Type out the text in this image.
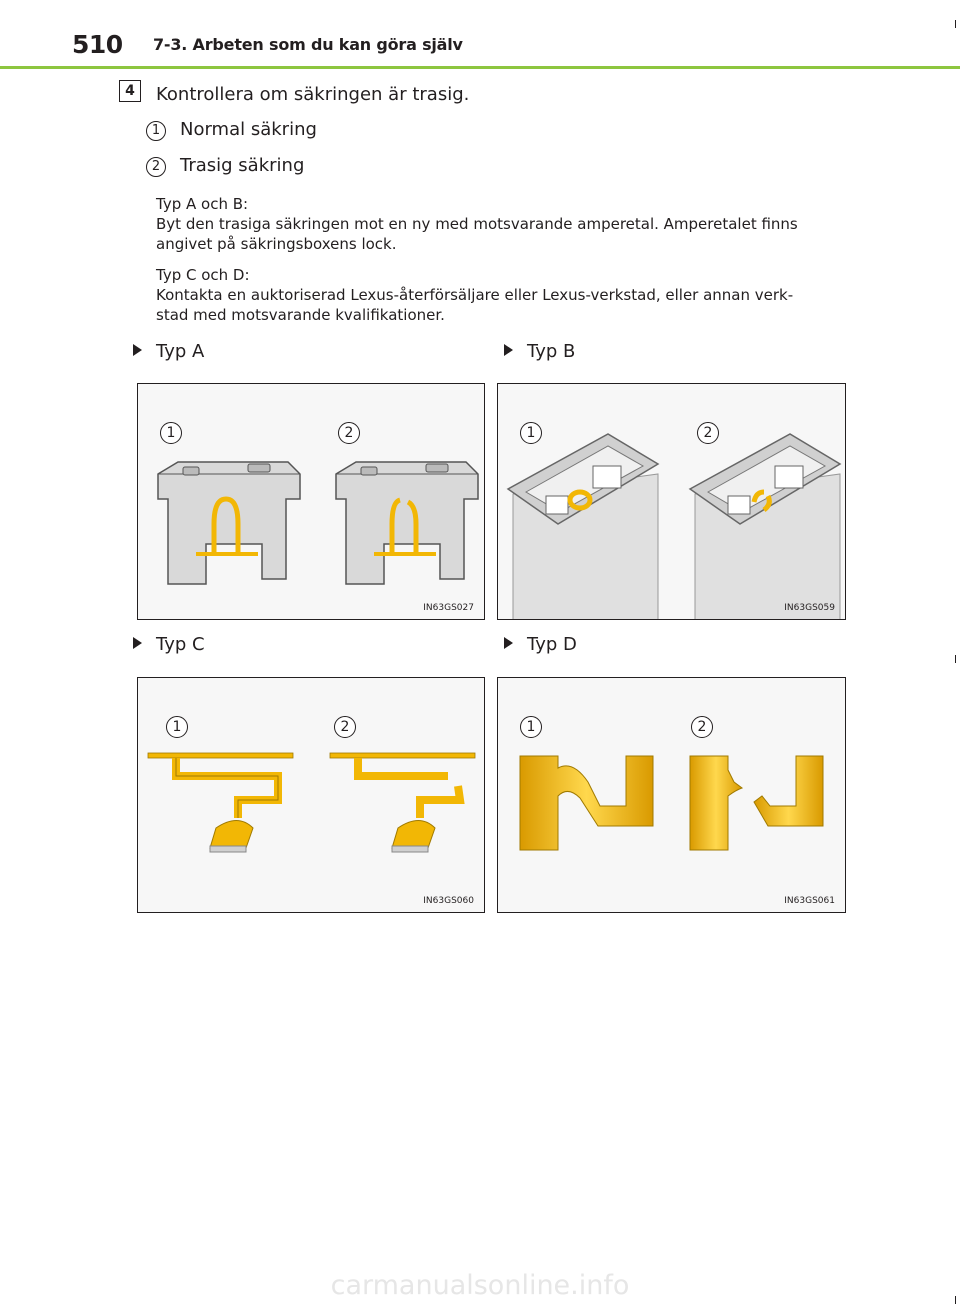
510 7-3. Arbeten som du kan göra själv
4	Kontrollera om säkringen är trasig.
1	Normal säkring
2	Trasig säkring
Typ A och B:
Byt den trasiga säkringen mot en ny med motsvarande amperetal. Amperetalet finns
angivet på säkringsboxens lock.
Typ C och D:
Kontakta en auktoriserad Lexus-återförsäljare eller Lexus-verkstad, eller annan verk-
stad med motsvarande kvalifikationer.
Typ A	Typ B
Typ C	Typ D
1	2
IN63GS027
1	2
IN63GS059
1	2
IN63GS060
1	2
IN63GS061
carmanualsonline.info
